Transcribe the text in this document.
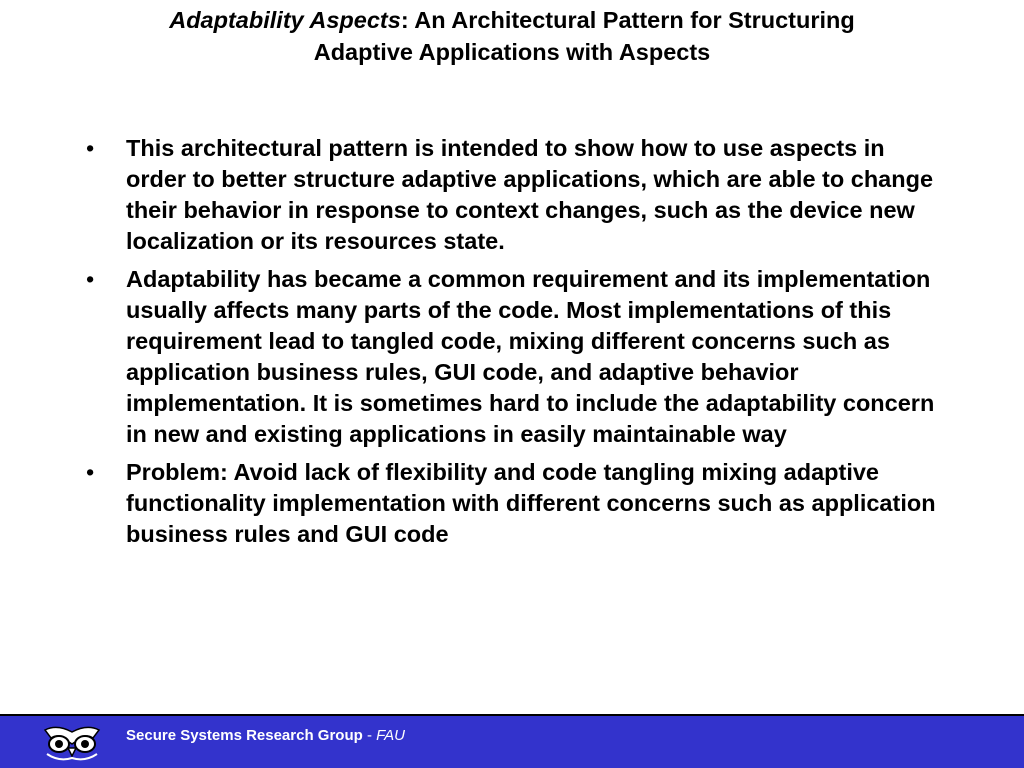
Adaptability Aspects: An Architectural Pattern for Structuring
Adaptive Applications with Aspects
•	This architectural pattern is intended to show how to use aspects in order to better structure adaptive applications, which are able to change their behavior in response to context changes, such as the device new localization or its resources state.
•	Adaptability has became a common requirement and its implementation usually affects many parts of the code. Most implementations of this requirement lead to tangled code, mixing different concerns such as application business rules, GUI code, and adaptive behavior implementation. It is sometimes hard to include the adaptability concern in new and existing applications in easily maintainable way
•	Problem: Avoid lack of flexibility and code tangling mixing adaptive functionality implementation with different concerns such as application business rules and GUI code
Secure Systems Research Group - FAU
